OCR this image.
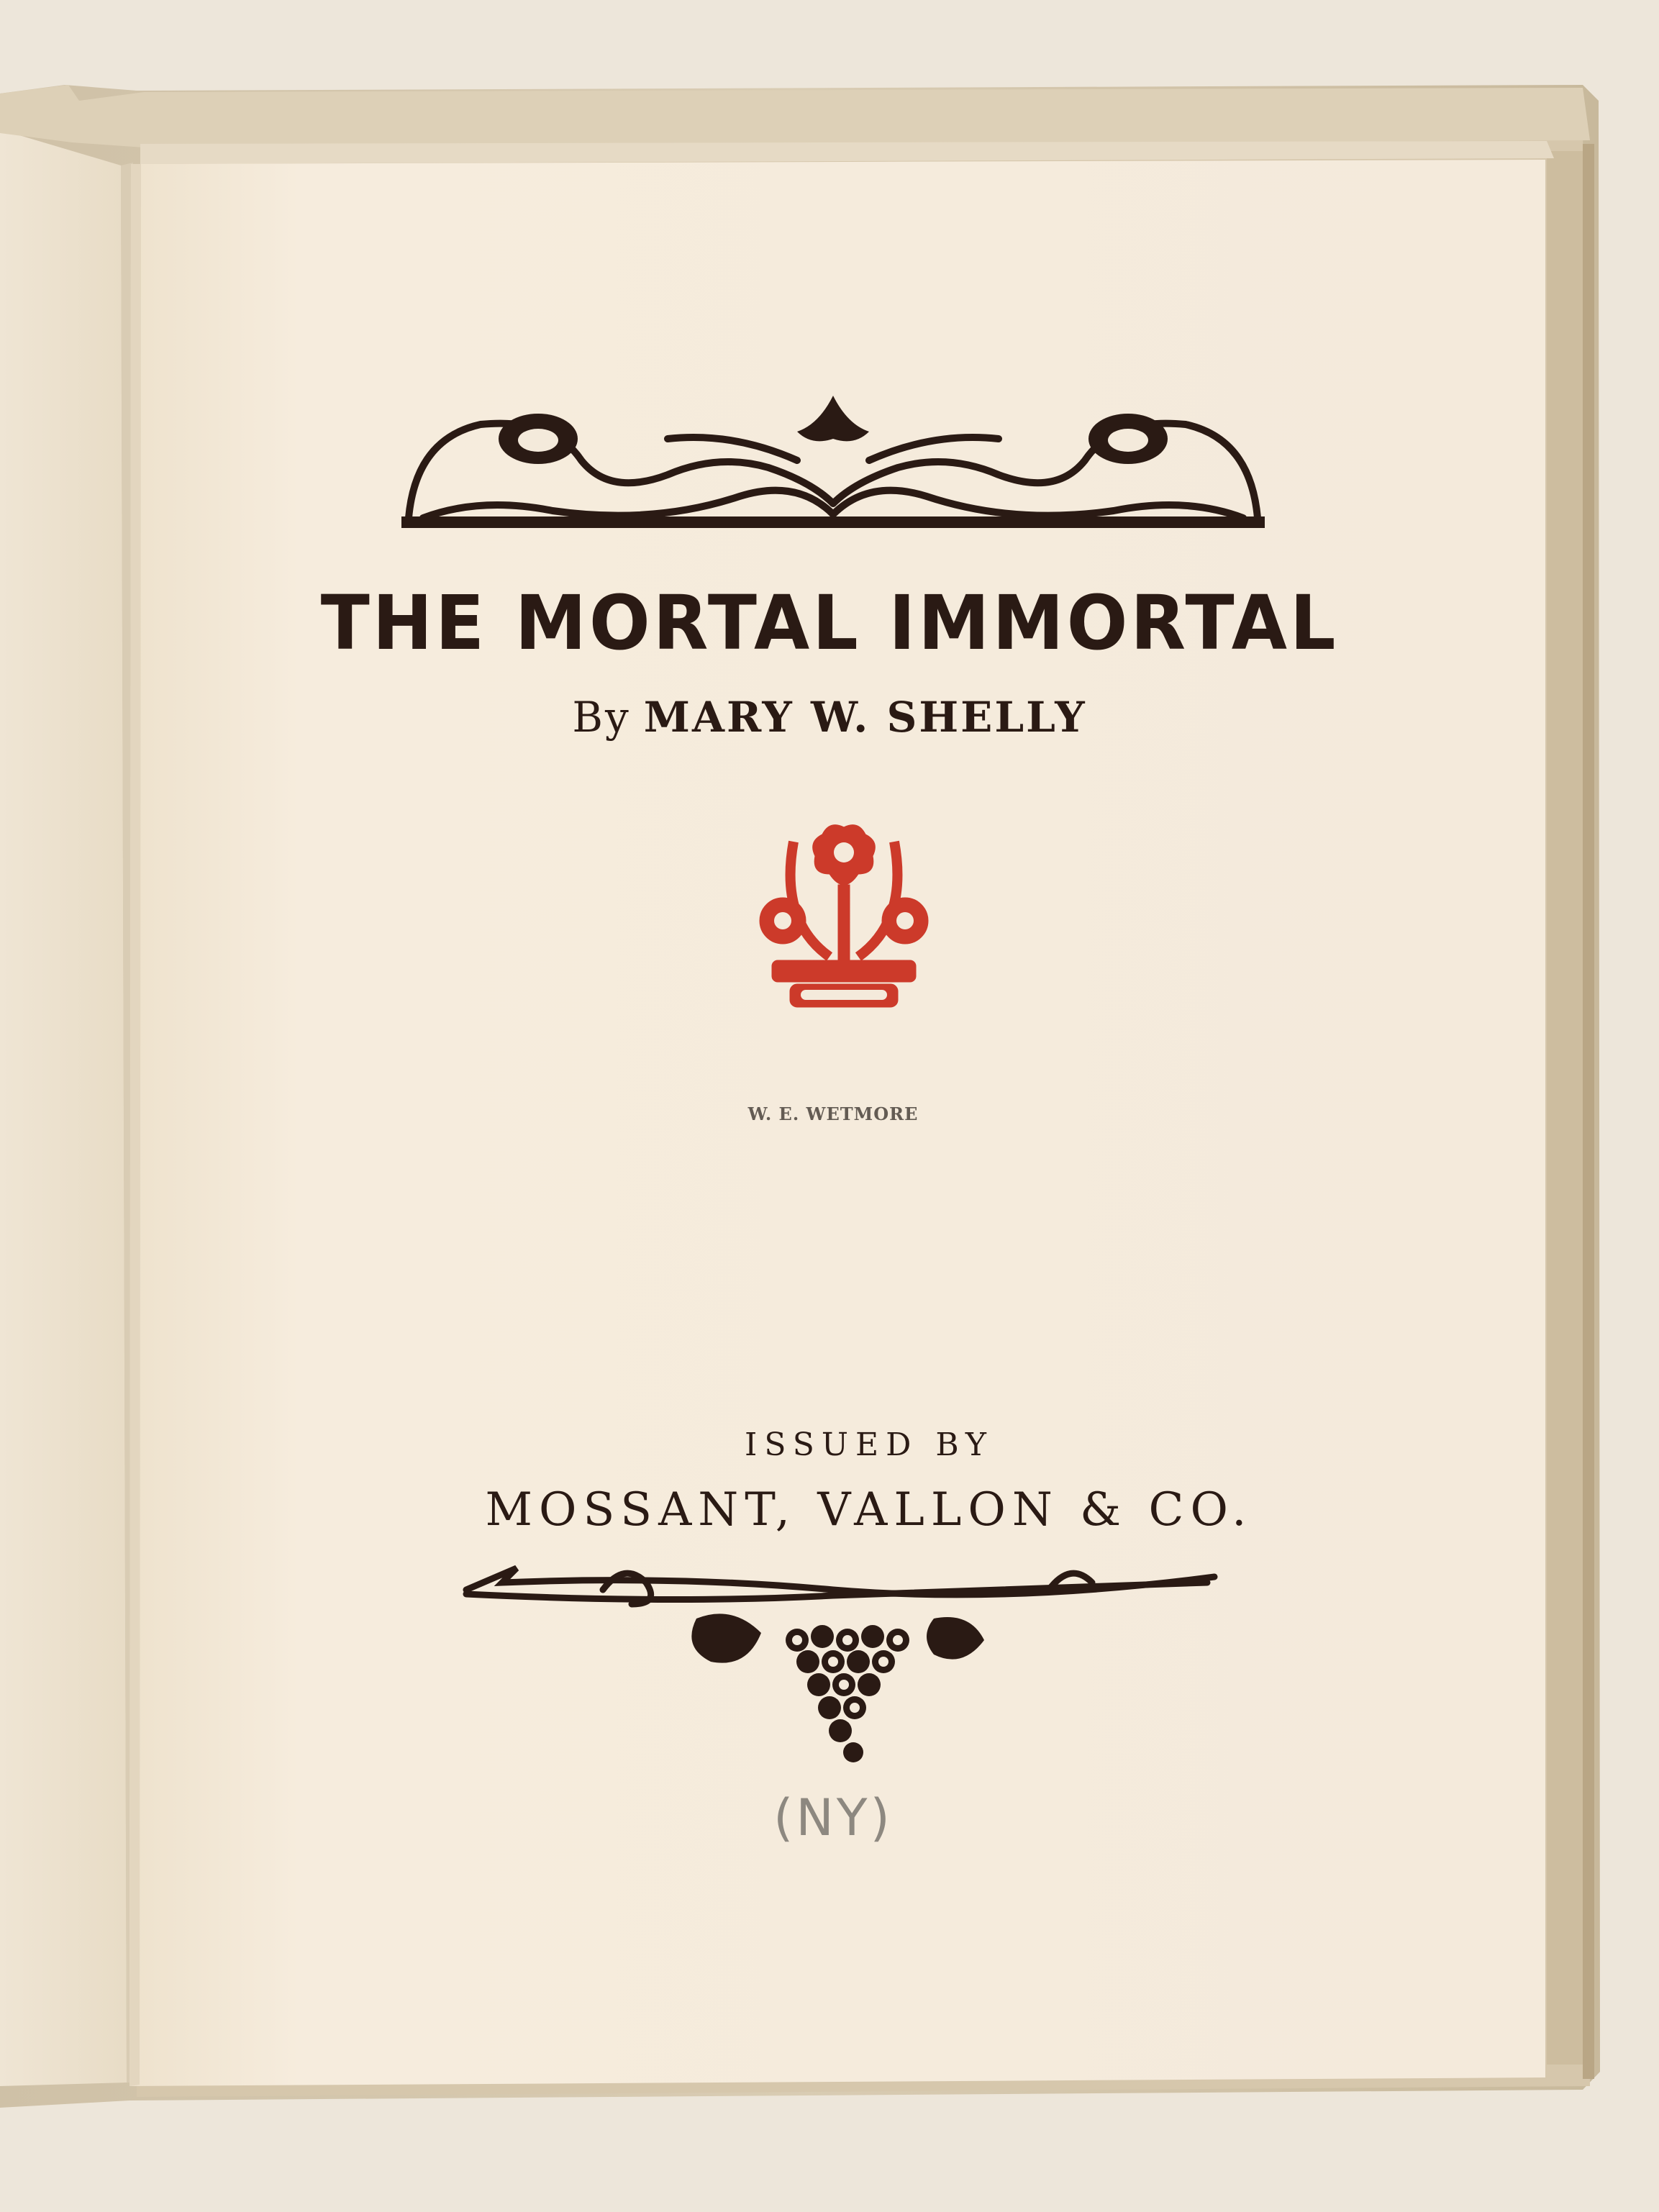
THE MORTAL IMMORTAL
By MARY W. SHELLY
W. E. WETMORE
ISSUED BY
MOSSANT, VALLON & CO.
(NY)
